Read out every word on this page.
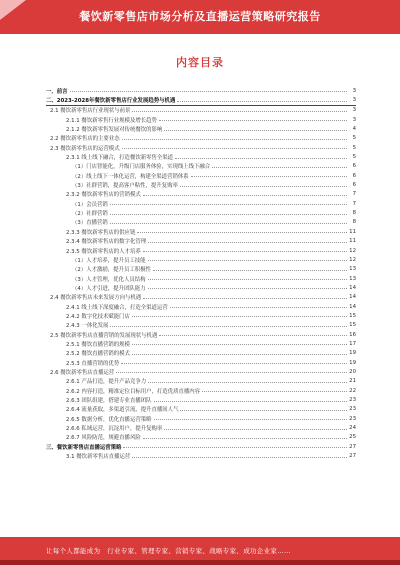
餐饮新零售店市场分析及直播运营策略研究报告
内容目录
一、前言	3
二、2023-2028年餐饮新零售店行业发展趋势与机遇	3
2.1 餐饮新零售店行业现状与前景	3
2.1.1 餐饮新零售行业规模及增长趋势	3
2.1.2 餐饮新零售发展对传统餐饮的影响	4
2.2 餐饮新零售店的主要业态	5
2.3 餐饮新零售店的运营模式	5
2.3.1 线上线下融合，打造餐饮新零售全渠道	5
（1）门店智能化，升级门店服务体验，实现线上线下融合	6
（2）线上线下一体化运营，构建全渠道营销体系	6
（3）社群营销，提高客户粘性，提升复购率	6
2.3.2 餐饮新零售店的营销模式	7
（1）会员营销	7
（2）社群营销	8
（3）直播营销	8
2.3.3 餐饮新零售店的供应链	11
2.3.4 餐饮新零售店的数字化管理	11
2.3.5 餐饮新零售店的人才培养	12
（1）人才培养，提升员工技能	12
（2）人才激励，提升员工积极性	13
（3）人才管理，优化人员结构	13
（4）人才引进，提升团队能力	14
2.4 餐饮新零售店未来发展方向与机遇	14
2.4.1 线上线下深度融合，打造全渠道运营	14
2.4.2 数字化技术赋能门店	15
2.4.3 一体化发展	15
2.5 餐饮新零售店直播营销的发展现状与机遇	16
2.5.1 餐饮直播营销的规模	17
2.5.2 餐饮直播营销的模式	19
2.5.3 直播营销的优势	19
2.6 餐饮新零售店直播运营	20
2.6.1 产品打造，提升产品竞争力	21
2.6.2 内容打造，精准定位目标用户，打造优质直播内容	22
2.6.3 团队组建，搭建专业直播团队	23
2.6.4 流量获取，多渠道引流，提升直播间人气	23
2.6.5 数据分析，优化直播运营策略	23
2.6.6 私域运营，沉淀用户，提升复购率	24
2.6.7 风险防范，规避直播风险	25
三、餐饮新零售店直播运营策略	27
3.1 餐饮新零售店直播运营	27
让每个人都能成为　行业专家、管理专家、营销专家、战略专家、成功企业家……
